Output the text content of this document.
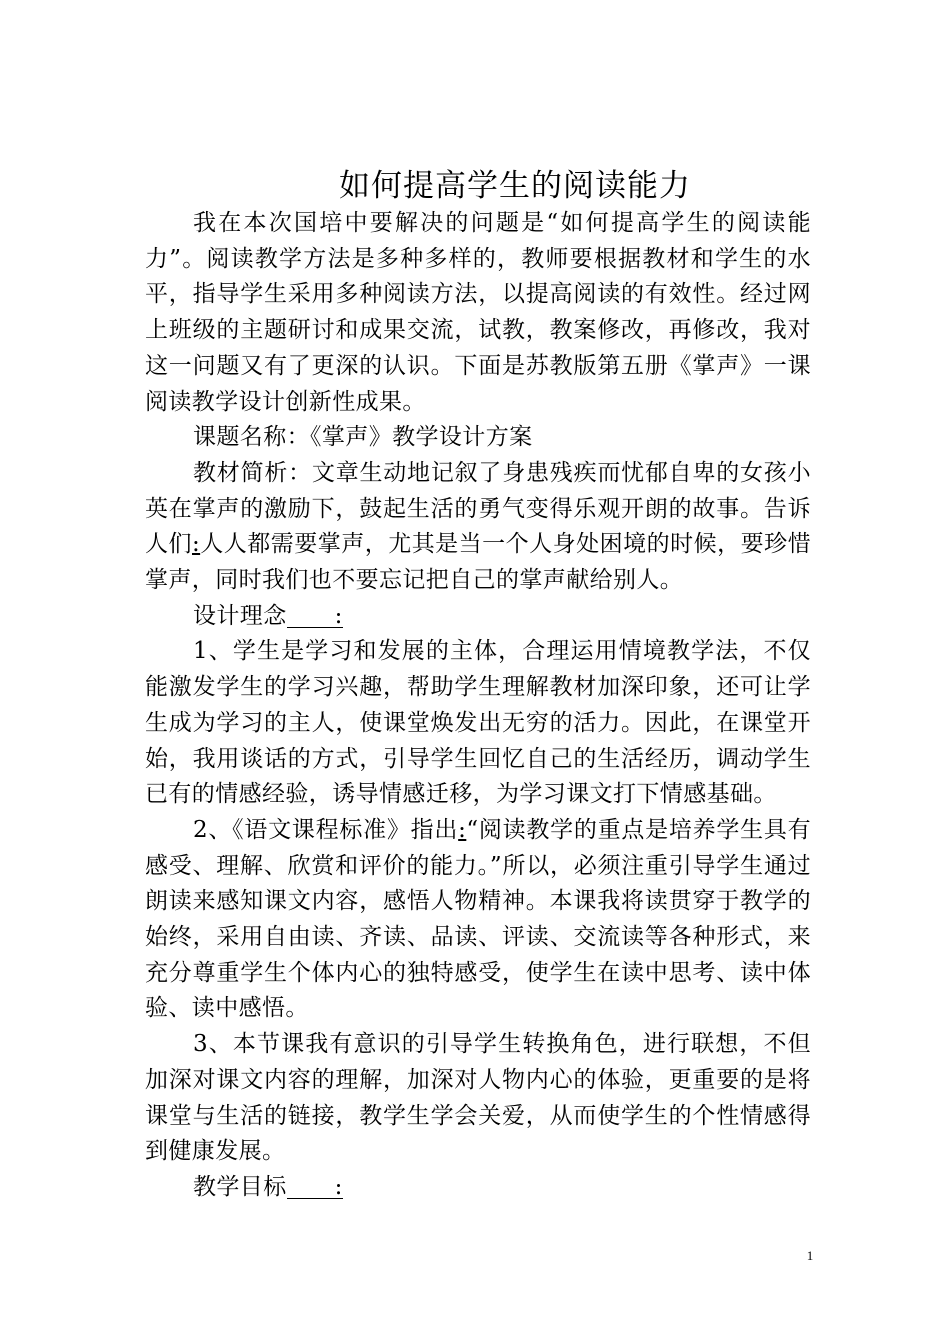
如何提高学生的阅读能力

我在本次国培中要解决的问题是“如何提高学生的阅读能力”。阅读教学方法是多种多样的，教师要根据教材和学生的水平，指导学生采用多种阅读方法，以提高阅读的有效性。经过网上班级的主题研讨和成果交流，试教，教案修改，再修改，我对这一问题又有了更深的认识。下面是苏教版第五册《掌声》一课阅读教学设计创新性成果。

课题名称：《掌声》教学设计方案

教材简析：文章生动地记叙了身患残疾而忧郁自卑的女孩小英在掌声的激励下，鼓起生活的勇气变得乐观开朗的故事。告诉人们:人人都需要掌声，尤其是当一个人身处困境的时候，要珍惜掌声，同时我们也不要忘记把自己的掌声献给别人。

设计理念 :

1、学生是学习和发展的主体，合理运用情境教学法，不仅能激发学生的学习兴趣，帮助学生理解教材加深印象，还可让学生成为学习的主人，使课堂焕发出无穷的活力。因此，在课堂开始，我用谈话的方式，引导学生回忆自己的生活经历，调动学生已有的情感经验，诱导情感迁移，为学习课文打下情感基础。

2、《语文课程标准》指出:“阅读教学的重点是培养学生具有感受、理解、欣赏和评价的能力。”所以，必须注重引导学生通过朗读来感知课文内容，感悟人物精神。本课我将读贯穿于教学的始终，采用自由读、齐读、品读、评读、交流读等各种形式，来充分尊重学生个体内心的独特感受，使学生在读中思考、读中体验、读中感悟。

3、本节课我有意识的引导学生转换角色，进行联想，不但加深对课文内容的理解，加深对人物内心的体验，更重要的是将课堂与生活的链接，教学生学会关爱，从而使学生的个性情感得到健康发展。

教学目标 :

1
